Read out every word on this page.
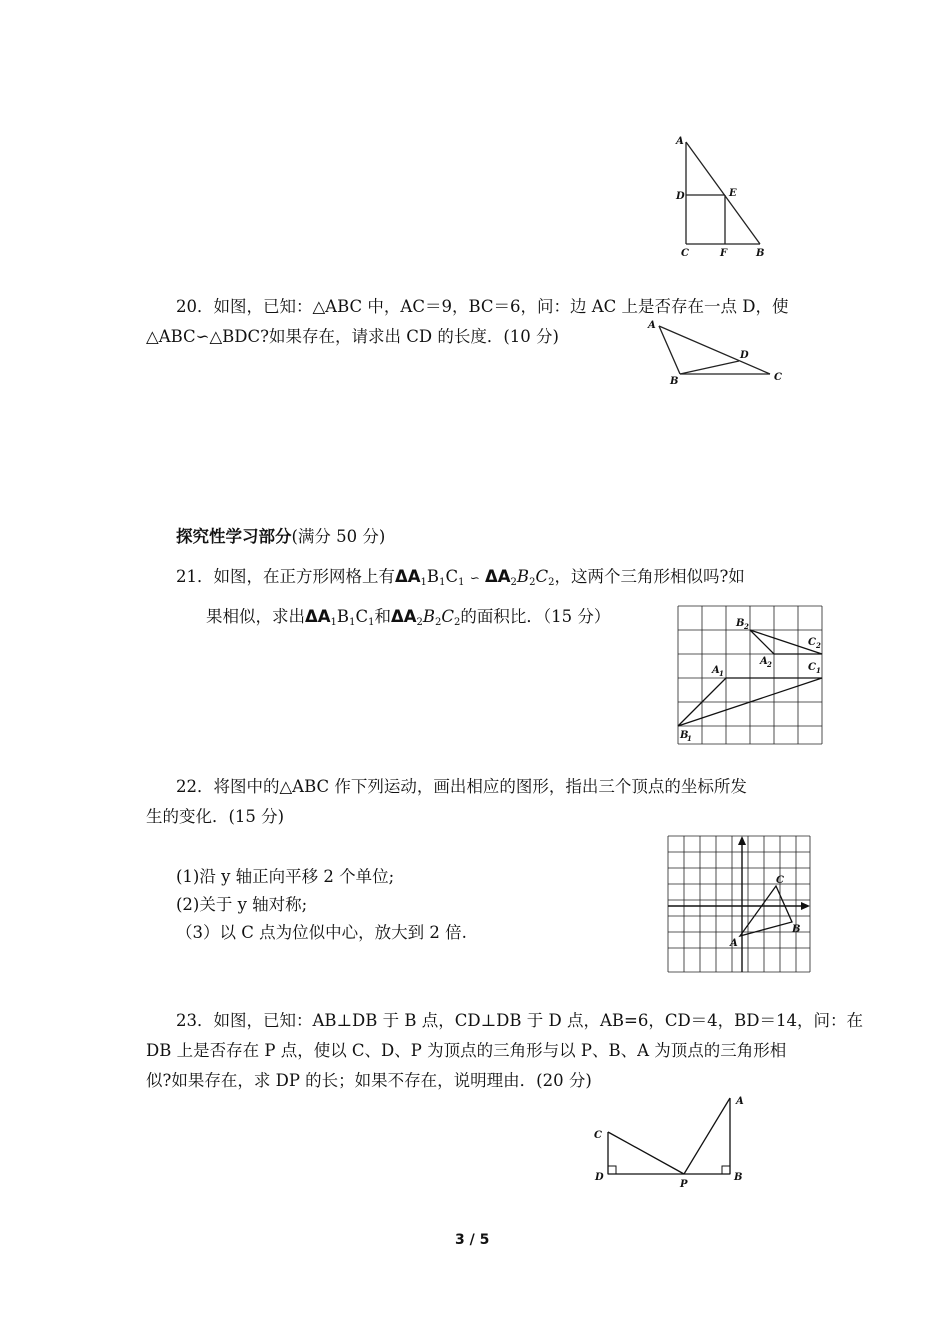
A
D	E
C	F	B
20．如图，已知：△ABC 中，AC＝9，BC＝6，问：边 AC 上是否存在一点 D，使
△ABC∽△BDC?如果存在，请求出 CD 的长度．(10 分)
A
D
B	C
探究性学习部分(满分 50 分)
21．如图，在正方形网格上有$\Delta A_1B_1C_1$ ∽ $\Delta A_2B_2C_2$，这两个三角形相似吗?如
果相似，求出$\Delta A_1B_1C_1$和$\Delta A_2B_2C_2$的面积比．（15 分）	B 2
C 2
A 2
A 1
C 1
B
1
22．将图中的△ABC 作下列运动，画出相应的图形，指出三个顶点的坐标所发
生的变化．(15 分)
(1)沿 y 轴正向平移 2 个单位;
(2)关于 y 轴对称;
（3）以 C 点为位似中心，放大到 2 倍.
C
B
A
23．如图，已知：AB⊥DB 于 B 点，CD⊥DB 于 D 点，AB=6，CD＝4，BD＝14，问：在
DB 上是否存在 P 点，使以 C、D、P 为顶点的三角形与以 P、B、A 为顶点的三角形相
似?如果存在，求 DP 的长；如果不存在，说明理由．(20 分)
C
A
D
P
B
3 / 5
